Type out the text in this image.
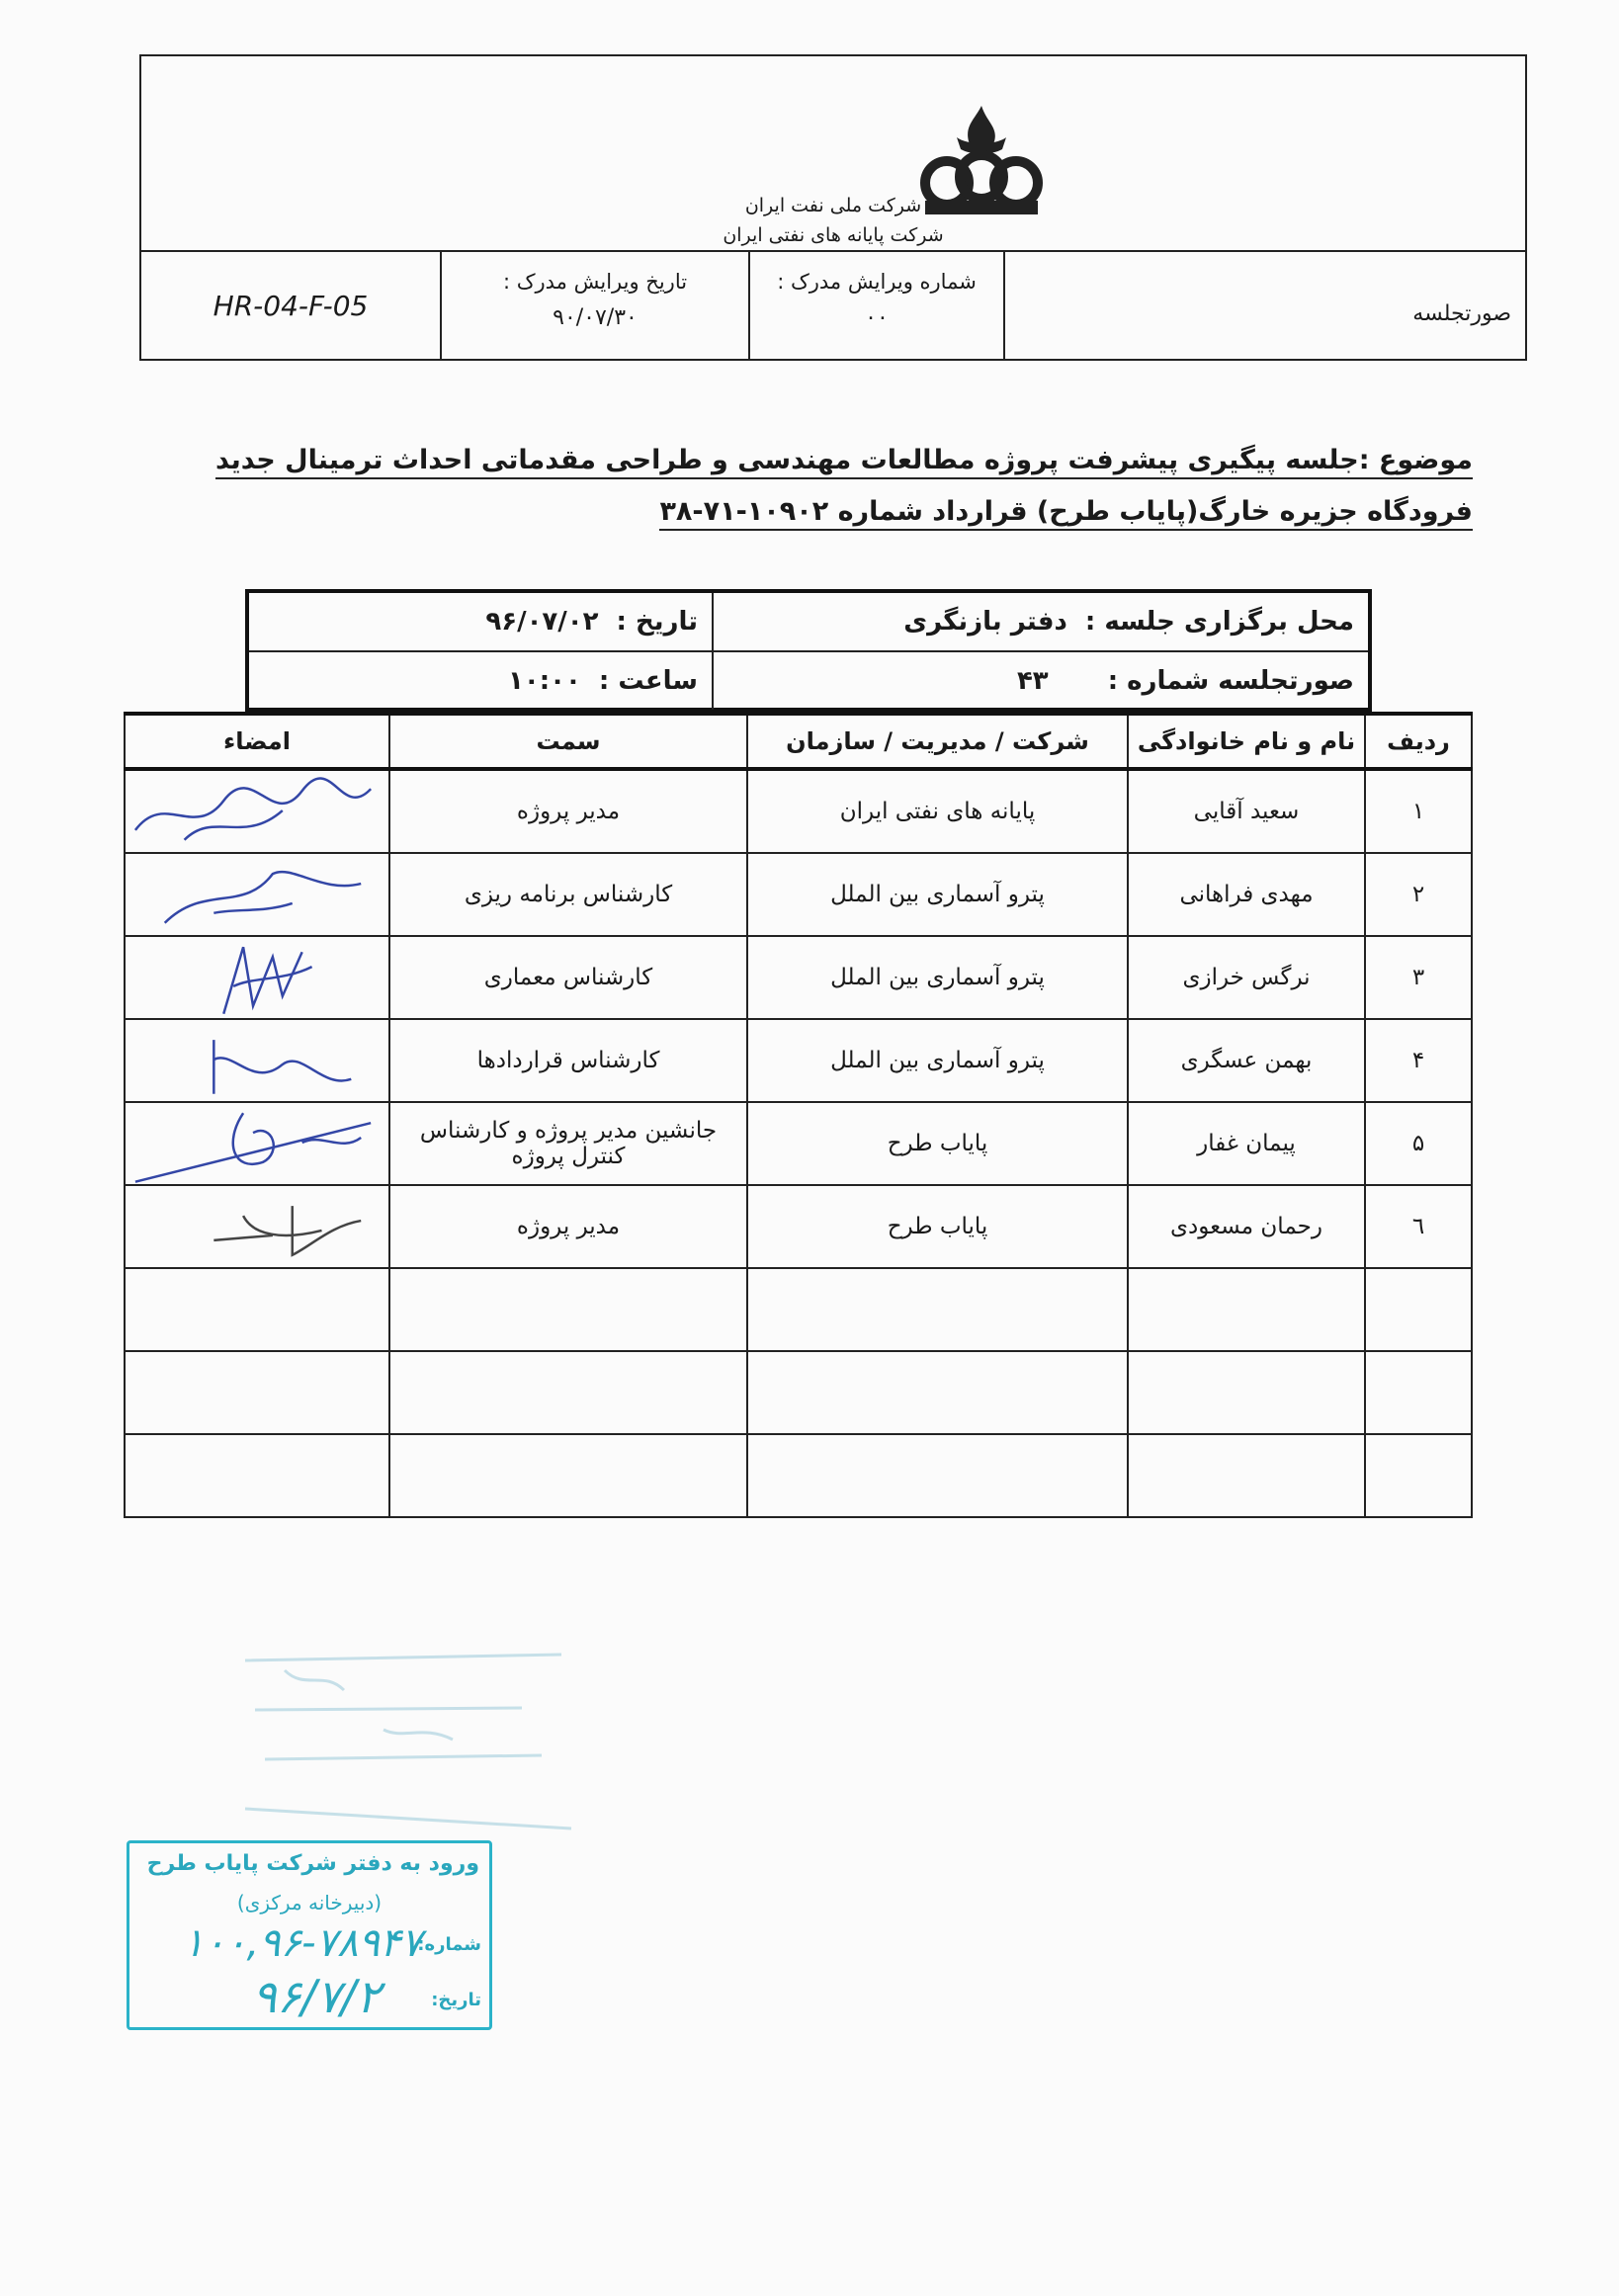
شرکت ملی نفت ایران
شرکت پایانه های نفتی ایران
HR-04-F-05
تاریخ ویرایش مدرک :
۹۰/۰۷/۳۰
شماره ویرایش مدرک :
۰۰	صورتجلسه
موضوع :جلسه پیگیری پیشرفت پروژه مطالعات مهندسی و طراحی مقدماتی احداث ترمینال جدید فرودگاه جزیره خارگ(پایاب طرح) قرارداد شماره ۱۰۹۰۲-۷۱-۳۸
محل برگزاری جلسه :
دفتر بازنگری
تاریخ :
۹۶/۰۷/۰۲
صورتجلسه شماره :
۴۳
ساعت :
۱۰:۰۰
ردیف	نام و نام خانوادگی	شرکت / مدیریت / سازمان	سمت	امضاء
۱	سعید آقایی	پایانه های نفتی ایران	مدیر پروژه	

۲	مهدی فراهانی	پترو آسماری بین الملل	کارشناس برنامه ریزی	

۳	نرگس خرازی	پترو آسماری بین الملل	کارشناس معماری	

۴	بهمن عسگری	پترو آسماری بین الملل	کارشناس قراردادها	

۵	پیمان غفار	پایاب طرح	جانشین مدیر پروژه و کارشناس کنترل پروژه	

٦	رحمان مسعودی	پایاب طرح	مدیر پروژه	

ورود به دفتر شرکت پایاب طرح
(دبیرخانه مرکزی)
شماره:
۱۰۰,۹۶-۷۸۹۴۷
تاریخ:
۹۶/۷/۲
